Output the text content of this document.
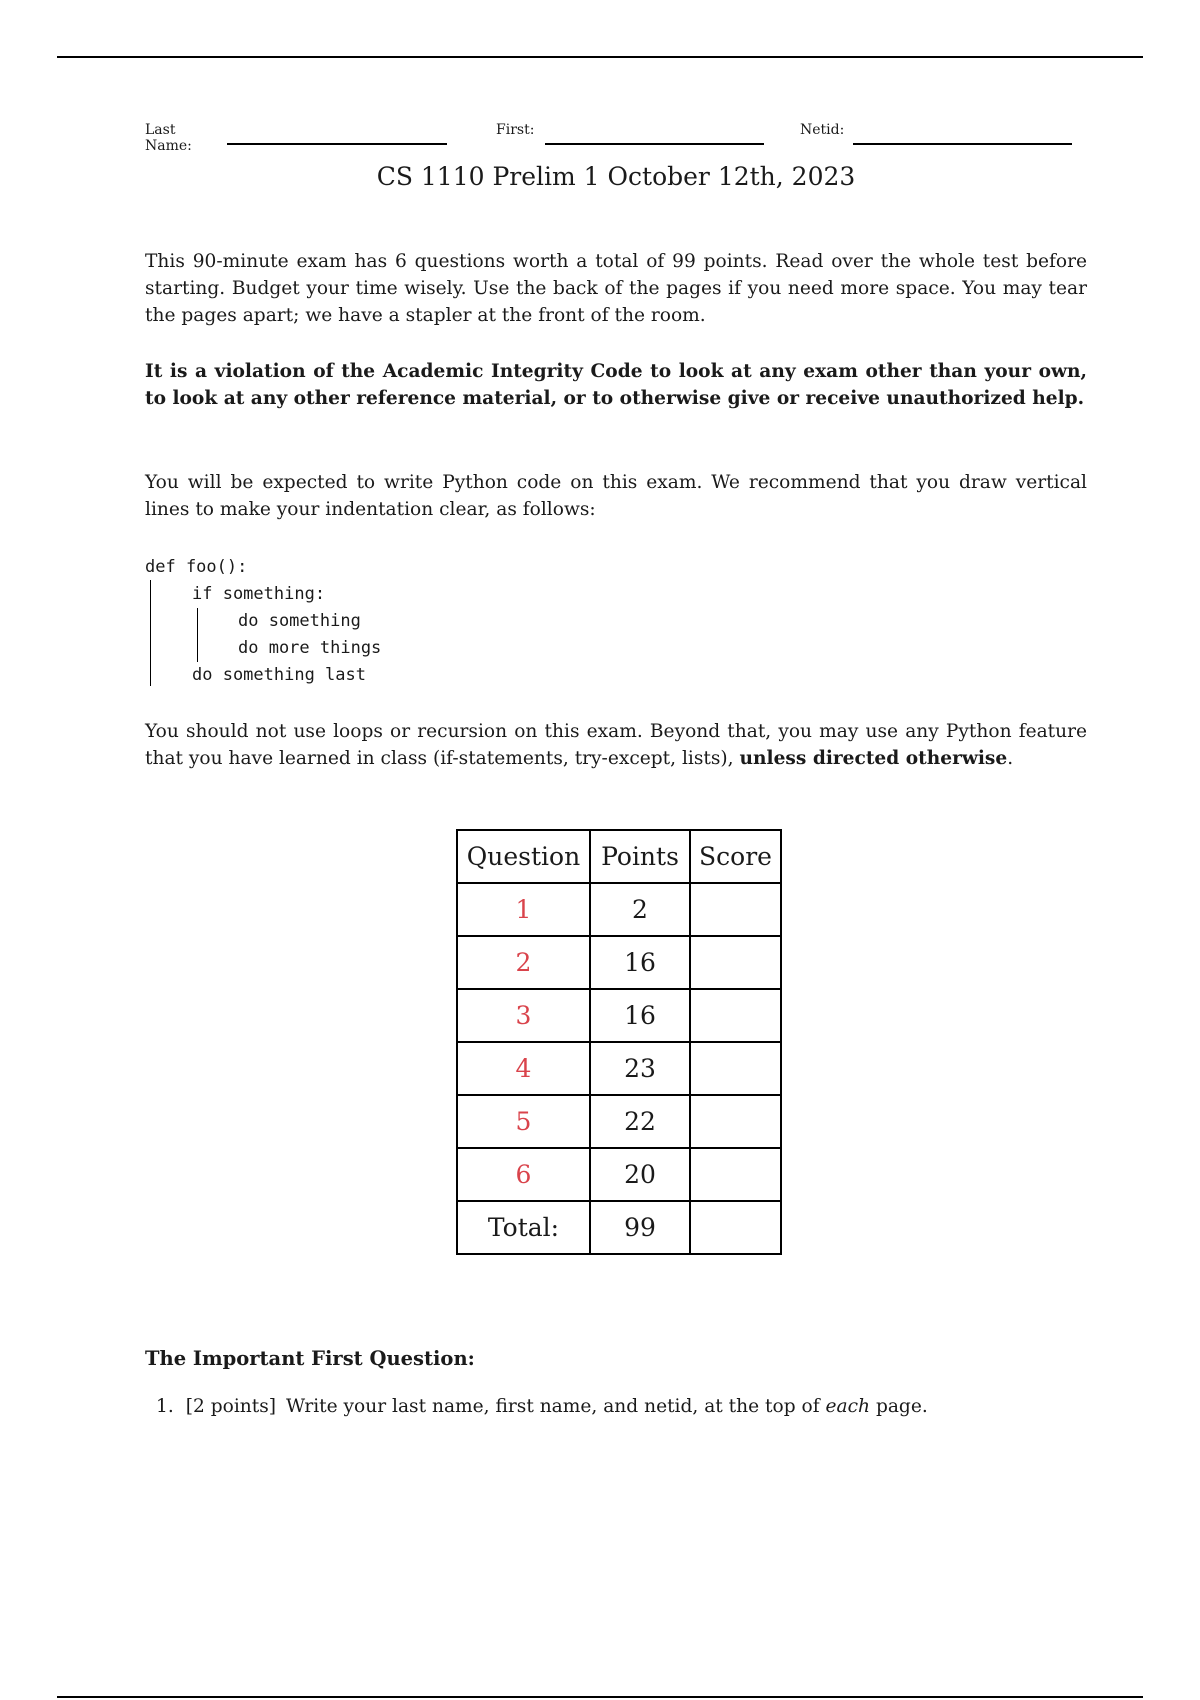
Last Name:
First:	Netid:
CS 1110 Prelim 1 October 12th, 2023

This 90-minute exam has 6 questions worth a total of 99 points. Read over the whole test before starting. Budget your time wisely. Use the back of the pages if you need more space. You may tear the pages apart; we have a stapler at the front of the room.

It is a violation of the Academic Integrity Code to look at any exam other than your own, to look at any other reference material, or to otherwise give or receive unauthorized help.

You will be expected to write Python code on this exam. We recommend that you draw vertical lines to make your indentation clear, as follows:

def foo():
if something:
do something
do more things
do something last

You should not use loops or recursion on this exam. Beyond that, you may use any Python feature that you have learned in class (if-statements, try-except, lists), unless directed otherwise.

Question	Points	Score
1	2	
2	16	
3	16	
4	23	
5	22	
6	20	
Total:	99	
The Important First Question:
1. [2 points] Write your last name, first name, and netid, at the top of each page.
